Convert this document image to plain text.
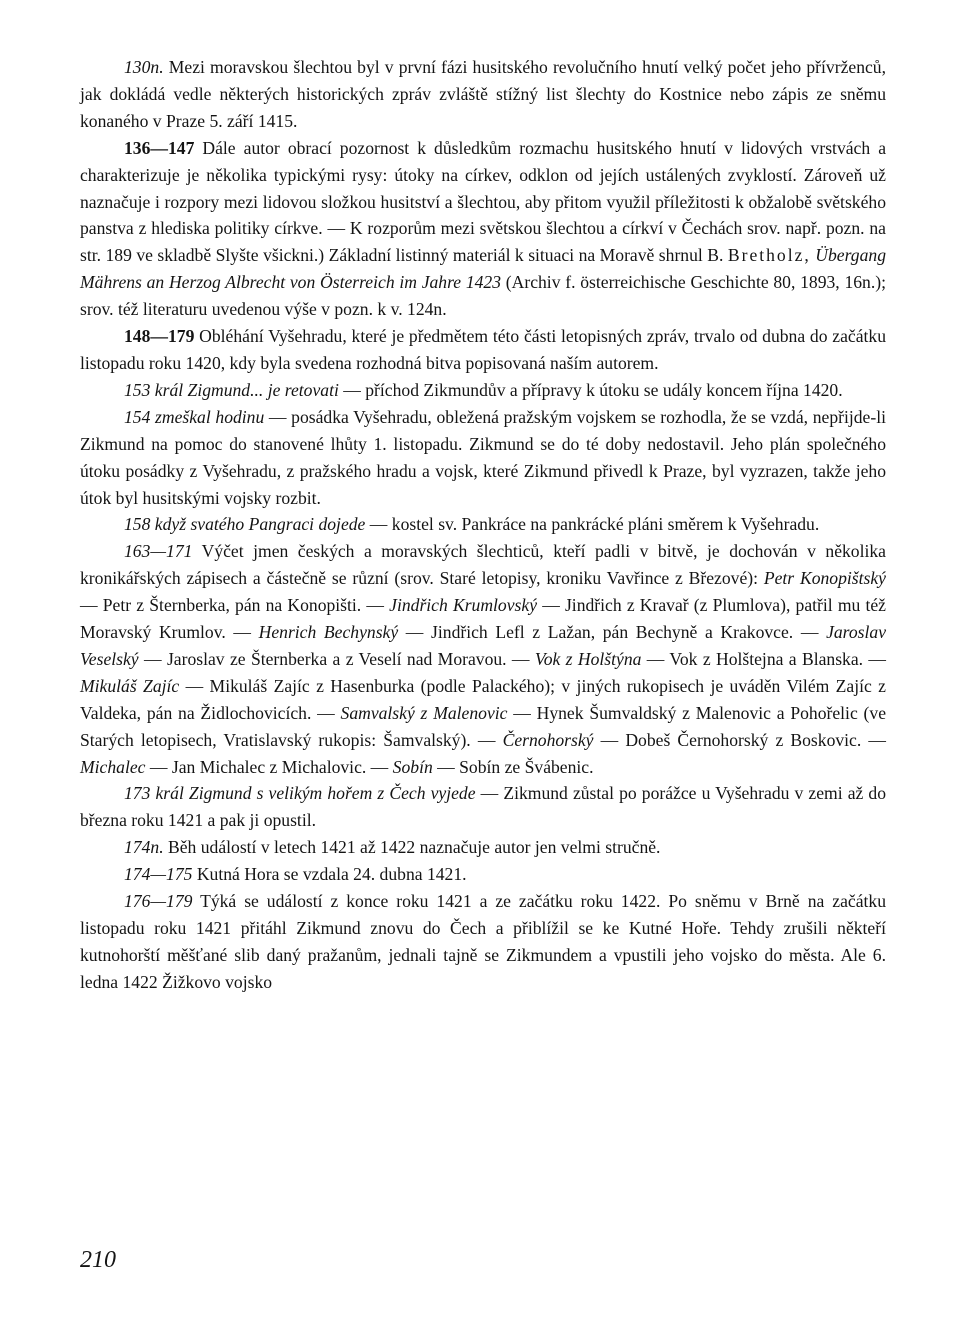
130n. Mezi moravskou šlechtou byl v první fázi husitského revolučního hnutí velký počet jeho přívrženců, jak dokládá vedle některých historických zpráv zvláště stížný list šlechty do Kostnice nebo zápis ze sněmu konaného v Praze 5. září 1415.

136—147 Dále autor obrací pozornost k důsledkům rozmachu husitského hnutí v lidových vrstvách a charakterizuje je několika typickými rysy: útoky na církev, odklon od jejích ustálených zvyklostí. Zároveň už naznačuje i rozpory mezi lidovou složkou husitství a šlechtou, aby přitom využil příležitosti k obžalobě světského panstva z hlediska politiky církve. — K rozporům mezi světskou šlechtou a církví v Čechách srov. např. pozn. na str. 189 ve skladbě Slyšte všickni.) Základní listinný materiál k situaci na Moravě shrnul B. Bretholz, Übergang Mährens an Herzog Albrecht von Österreich im Jahre 1423 (Archiv f. österreichische Geschichte 80, 1893, 16n.); srov. též literaturu uvedenou výše v pozn. k v. 124n.

148—179 Obléhání Vyšehradu, které je předmětem této části letopisných zpráv, trvalo od dubna do začátku listopadu roku 1420, kdy byla svedena rozhodná bitva popisovaná naším autorem.

153 král Zigmund... je retovati — příchod Zikmundův a přípravy k útoku se udály koncem října 1420.

154 zmeškal hodinu — posádka Vyšehradu, obležená pražským vojskem se rozhodla, že se vzdá, nepřijde-li Zikmund na pomoc do stanovené lhůty 1. listopadu. Zikmund se do té doby nedostavil. Jeho plán společného útoku posádky z Vyšehradu, z pražského hradu a vojsk, které Zikmund přivedl k Praze, byl vyzrazen, takže jeho útok byl husitskými vojsky rozbit.

158 když svatého Pangraci dojede — kostel sv. Pankráce na pankrácké pláni směrem k Vyšehradu.

163—171 Výčet jmen českých a moravských šlechticů, kteří padli v bitvě, je dochován v několika kronikářských zápisech a částečně se různí (srov. Staré letopisy, kroniku Vavřince z Březové): Petr Konopištský — Petr z Šternberka, pán na Konopišti. — Jindřich Krumlovský — Jindřich z Kravař (z Plumlova), patřil mu též Moravský Krumlov. — Henrich Bechynský — Jindřich Lefl z Lažan, pán Bechyně a Krakovce. — Jaroslav Veselský — Jaroslav ze Šternberka a z Veselí nad Moravou. — Vok z Holštýna — Vok z Holštejna a Blanska. — Mikuláš Zajíc — Mikuláš Zajíc z Hasenburka (podle Palackého); v jiných rukopisech je uváděn Vilém Zajíc z Valdeka, pán na Židlochovicích. — Samvalský z Malenovic — Hynek Šumvaldský z Malenovic a Pohořelic (ve Starých letopisech, Vratislavský rukopis: Šamvalský). — Černohorský — Dobeš Černohorský z Boskovic. — Michalec — Jan Michalec z Michalovic. — Sobín — Sobín ze Švábenic.

173 král Zigmund s velikým hořem z Čech vyjede — Zikmund zůstal po porážce u Vyšehradu v zemi až do března roku 1421 a pak ji opustil.

174n. Běh událostí v letech 1421 až 1422 naznačuje autor jen velmi stručně.

174—175 Kutná Hora se vzdala 24. dubna 1421.

176—179 Týká se událostí z konce roku 1421 a ze začátku roku 1422. Po sněmu v Brně na začátku listopadu roku 1421 přitáhl Zikmund znovu do Čech a přiblížil se ke Kutné Hoře. Tehdy zrušili někteří kutnohorští měšťané slib daný pražanům, jednali tajně se Zikmundem a vpustili jeho vojsko do města. Ale 6. ledna 1422 Žižkovo vojsko

210
